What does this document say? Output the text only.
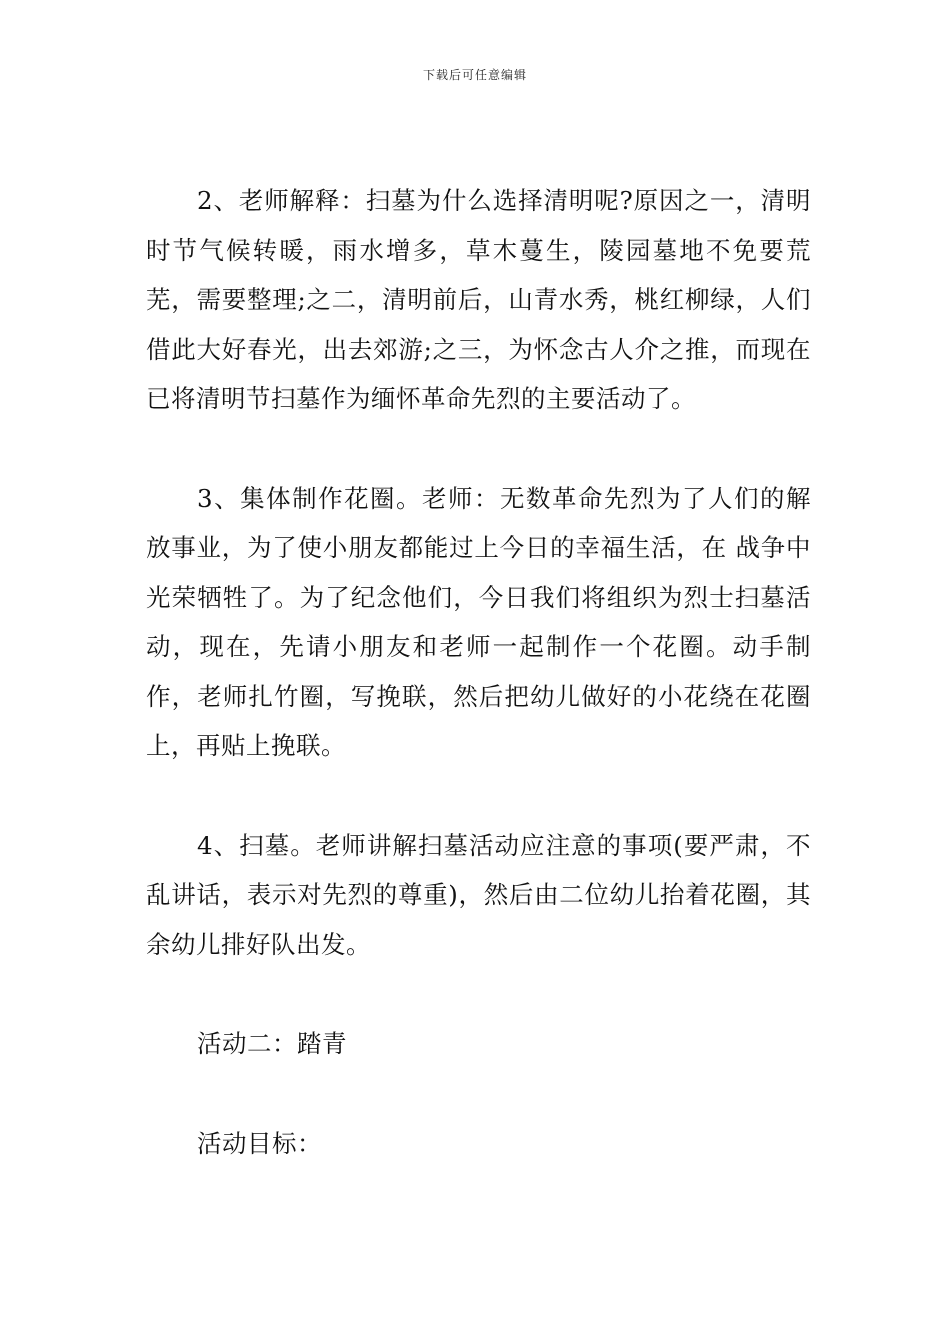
下载后可任意编辑

2、老师解释：扫墓为什么选择清明呢?原因之一，清明时节气候转暖，雨水增多，草木蔓生，陵园墓地不免要荒芜，需要整理;之二，清明前后，山青水秀，桃红柳绿，人们借此大好春光，出去郊游;之三，为怀念古人介之推，而现在已将清明节扫墓作为缅怀革命先烈的主要活动了。

3、集体制作花圈。老师：无数革命先烈为了人们的解放事业，为了使小朋友都能过上今日的幸福生活，在 战争中光荣牺牲了。为了纪念他们，今日我们将组织为烈士扫墓活动，现在，先请小朋友和老师一起制作一个花圈。动手制作，老师扎竹圈，写挽联，然后把幼儿做好的小花绕在花圈上，再贴上挽联。

4、扫墓。老师讲解扫墓活动应注意的事项(要严肃，不乱讲话，表示对先烈的尊重)，然后由二位幼儿抬着花圈，其余幼儿排好队出发。

活动二：踏青

活动目标：
